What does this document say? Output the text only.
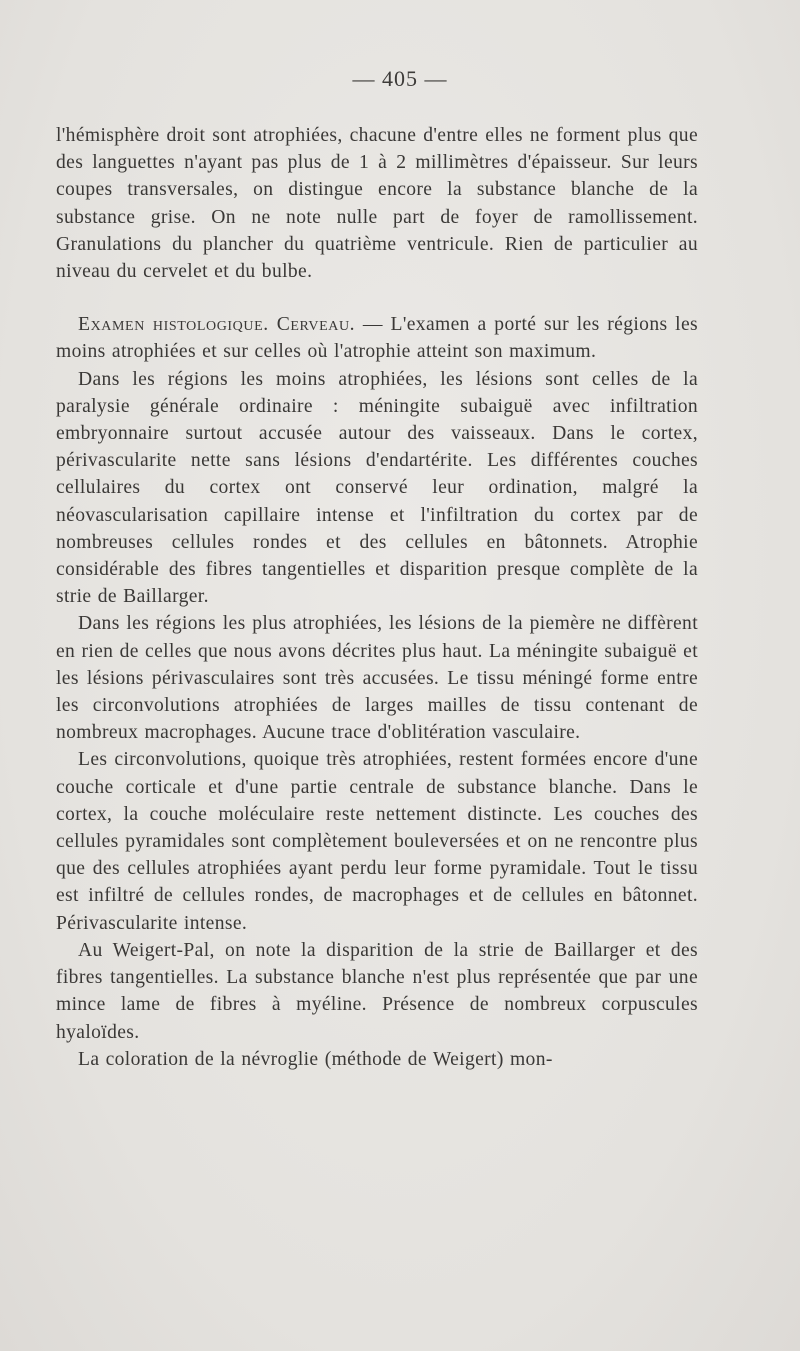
— 405 —

l'hémisphère droit sont atrophiées, chacune d'entre elles ne forment plus que des languettes n'ayant pas plus de 1 à 2 millimètres d'épaisseur. Sur leurs coupes transversales, on distingue encore la substance blanche de la substance grise. On ne note nulle part de foyer de ramollissement. Granulations du plancher du quatrième ventricule. Rien de particulier au niveau du cervelet et du bulbe.

Examen histologique. Cerveau. — L'examen a porté sur les régions les moins atrophiées et sur celles où l'atrophie atteint son maximum.

Dans les régions les moins atrophiées, les lésions sont celles de la paralysie générale ordinaire : méningite subaiguë avec infiltration embryonnaire surtout accusée autour des vaisseaux. Dans le cortex, périvascularite nette sans lésions d'endartérite. Les différentes couches cellulaires du cortex ont conservé leur ordination, malgré la néovascularisation capillaire intense et l'infiltration du cortex par de nombreuses cellules rondes et des cellules en bâtonnets. Atrophie considérable des fibres tangentielles et disparition presque complète de la strie de Baillarger.

Dans les régions les plus atrophiées, les lésions de la piemère ne diffèrent en rien de celles que nous avons décrites plus haut. La méningite subaiguë et les lésions périvasculaires sont très accusées. Le tissu méningé forme entre les circonvolutions atrophiées de larges mailles de tissu contenant de nombreux macrophages. Aucune trace d'oblitération vasculaire.

Les circonvolutions, quoique très atrophiées, restent formées encore d'une couche corticale et d'une partie centrale de substance blanche. Dans le cortex, la couche moléculaire reste nettement distincte. Les couches des cellules pyramidales sont complètement bouleversées et on ne rencontre plus que des cellules atrophiées ayant perdu leur forme pyramidale. Tout le tissu est infiltré de cellules rondes, de macrophages et de cellules en bâtonnet. Périvascularite intense.

Au Weigert-Pal, on note la disparition de la strie de Baillarger et des fibres tangentielles. La substance blanche n'est plus représentée que par une mince lame de fibres à myéline. Présence de nombreux corpuscules hyaloïdes.

La coloration de la névroglie (méthode de Weigert) mon-
